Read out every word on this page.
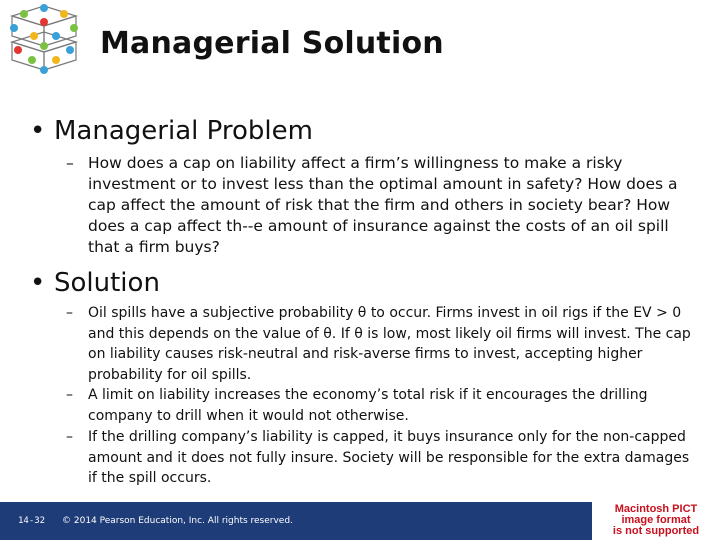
Managerial Solution
• Managerial Problem
– How does a cap on liability affect a firm’s willingness to make a risky investment or to invest less than the optimal amount in safety? How does a cap affect the amount of risk that the firm and others in society bear? How does a cap affect th--e amount of insurance against the costs of an oil spill that a firm buys?
• Solution
–	Oil spills have a subjective probability θ to occur. Firms invest in oil rigs if the EV > 0 and this depends on the value of θ. If θ is low, most likely oil firms will invest. The cap on liability causes risk-neutral and risk-averse firms to invest, accepting higher probability for oil spills.
–	A limit on liability increases the economy’s total risk if it encourages the drilling company to drill when it would not otherwise.
–	If the drilling company’s liability is capped, it buys insurance only for the non-capped amount and it does not fully insure. Society will be responsible for the extra damages if the spill occurs.
14-32 © 2014 Pearson Education, Inc. All rights reserved.
Macintosh PICT
image format
is not supported
